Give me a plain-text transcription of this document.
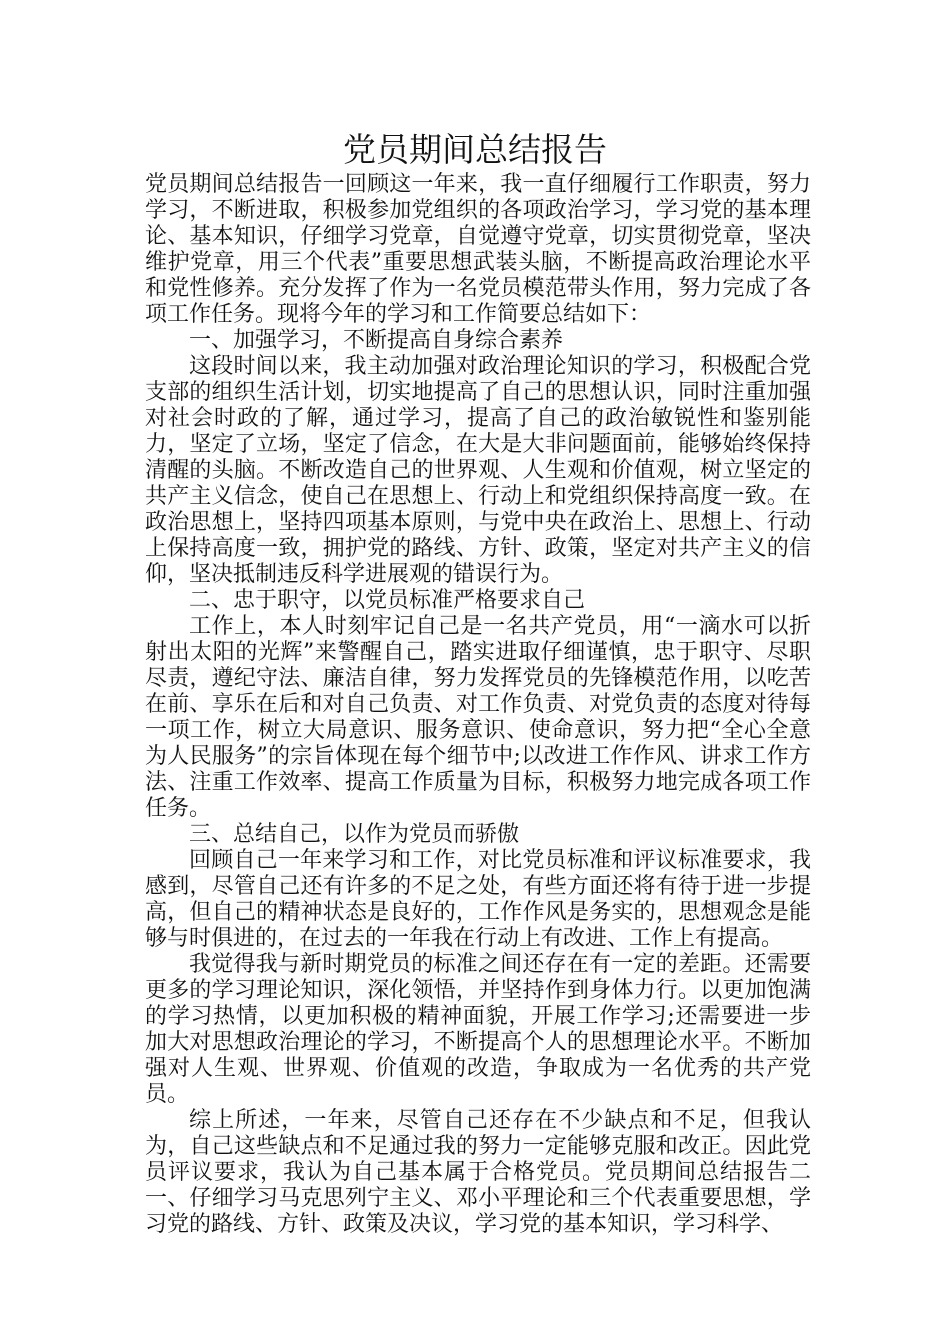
党员期间总结报告

党员期间总结报告一回顾这一年来，我一直仔细履行工作职责，努力学习，不断进取，积极参加党组织的各项政治学习，学习党的基本理论、基本知识，仔细学习党章，自觉遵守党章，切实贯彻党章，坚决维护党章，用三个代表”重要思想武装头脑，不断提高政治理论水平和党性修养。充分发挥了作为一名党员模范带头作用，努力完成了各项工作任务。现将今年的学习和工作简要总结如下：

一、加强学习，不断提高自身综合素养

这段时间以来，我主动加强对政治理论知识的学习，积极配合党支部的组织生活计划，切实地提高了自己的思想认识，同时注重加强对社会时政的了解，通过学习，提高了自己的政治敏锐性和鉴别能力，坚定了立场，坚定了信念，在大是大非问题面前，能够始终保持清醒的头脑。不断改造自己的世界观、人生观和价值观，树立坚定的共产主义信念，使自己在思想上、行动上和党组织保持高度一致。在政治思想上，坚持四项基本原则，与党中央在政治上、思想上、行动上保持高度一致，拥护党的路线、方针、政策，坚定对共产主义的信仰，坚决抵制违反科学进展观的错误行为。

二、忠于职守，以党员标准严格要求自己

工作上，本人时刻牢记自己是一名共产党员，用“一滴水可以折射出太阳的光辉”来警醒自己，踏实进取仔细谨慎，忠于职守、尽职尽责，遵纪守法、廉洁自律，努力发挥党员的先锋模范作用，以吃苦在前、享乐在后和对自己负责、对工作负责、对党负责的态度对待每一项工作，树立大局意识、服务意识、使命意识，努力把“全心全意为人民服务”的宗旨体现在每个细节中;以改进工作作风、讲求工作方法、注重工作效率、提高工作质量为目标，积极努力地完成各项工作任务。

三、总结自己，以作为党员而骄傲

回顾自己一年来学习和工作，对比党员标准和评议标准要求，我感到，尽管自己还有许多的不足之处，有些方面还将有待于进一步提高，但自己的精神状态是良好的，工作作风是务实的，思想观念是能够与时俱进的，在过去的一年我在行动上有改进、工作上有提高。

我觉得我与新时期党员的标准之间还存在有一定的差距。还需要更多的学习理论知识，深化领悟，并坚持作到身体力行。以更加饱满的学习热情，以更加积极的精神面貌，开展工作学习;还需要进一步加大对思想政治理论的学习，不断提高个人的思想理论水平。不断加强对人生观、世界观、价值观的改造，争取成为一名优秀的共产党员。

综上所述，一年来，尽管自己还存在不少缺点和不足，但我认为，自己这些缺点和不足通过我的努力一定能够克服和改正。因此党员评议要求，我认为自己基本属于合格党员。党员期间总结报告二一、仔细学习马克思列宁主义、邓小平理论和三个代表重要思想，学习党的路线、方针、政策及决议，学习党的基本知识，学习科学、
